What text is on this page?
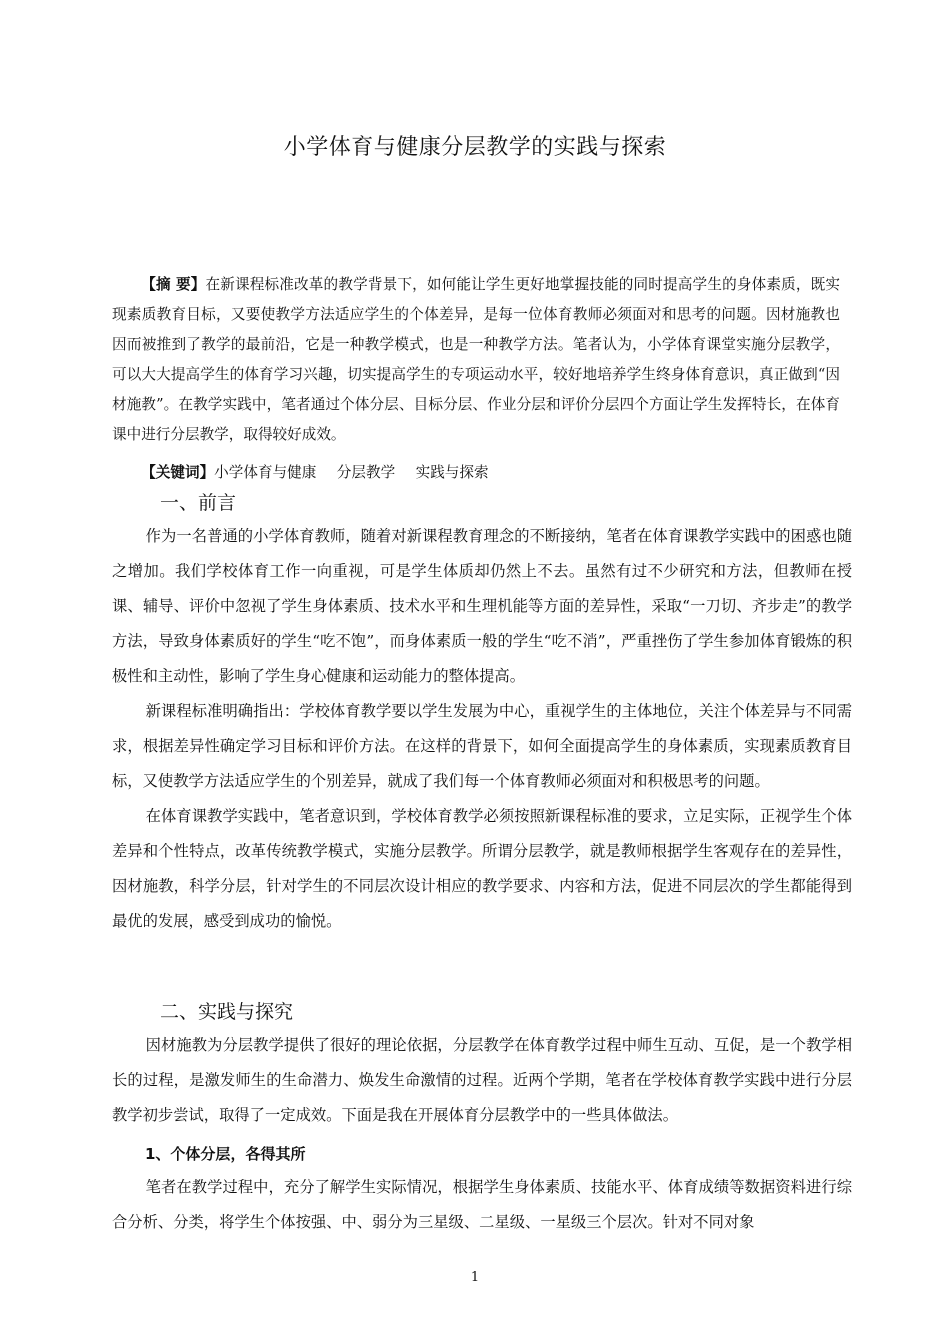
小学体育与健康分层教学的实践与探索
【摘 要】在新课程标准改革的教学背景下，如何能让学生更好地掌握技能的同时提高学生的身体素质，既实现素质教育目标，又要使教学方法适应学生的个体差异，是每一位体育教师必须面对和思考的问题。因材施教也因而被推到了教学的最前沿，它是一种教学模式，也是一种教学方法。笔者认为，小学体育课堂实施分层教学，可以大大提高学生的体育学习兴趣，切实提高学生的专项运动水平，较好地培养学生终身体育意识，真正做到“因材施教”。在教学实践中，笔者通过个体分层、目标分层、作业分层和评价分层四个方面让学生发挥特长，在体育课中进行分层教学，取得较好成效。
【关键词】小学体育与健康 分层教学 实践与探索
一、前言

作为一名普通的小学体育教师，随着对新课程教育理念的不断接纳，笔者在体育课教学实践中的困惑也随之增加。我们学校体育工作一向重视，可是学生体质却仍然上不去。虽然有过不少研究和方法，但教师在授课、辅导、评价中忽视了学生身体素质、技术水平和生理机能等方面的差异性，采取“一刀切、齐步走”的教学方法，导致身体素质好的学生“吃不饱”，而身体素质一般的学生“吃不消”，严重挫伤了学生参加体育锻炼的积极性和主动性，影响了学生身心健康和运动能力的整体提高。

新课程标准明确指出：学校体育教学要以学生发展为中心，重视学生的主体地位，关注个体差异与不同需求，根据差异性确定学习目标和评价方法。在这样的背景下，如何全面提高学生的身体素质，实现素质教育目标，又使教学方法适应学生的个别差异，就成了我们每一个体育教师必须面对和积极思考的问题。

在体育课教学实践中，笔者意识到，学校体育教学必须按照新课程标准的要求，立足实际，正视学生个体差异和个性特点，改革传统教学模式，实施分层教学。所谓分层教学，就是教师根据学生客观存在的差异性，因材施教，科学分层，针对学生的不同层次设计相应的教学要求、内容和方法，促进不同层次的学生都能得到最优的发展，感受到成功的愉悦。

二、实践与探究

因材施教为分层教学提供了很好的理论依据，分层教学在体育教学过程中师生互动、互促，是一个教学相长的过程，是激发师生的生命潜力、焕发生命激情的过程。近两个学期，笔者在学校体育教学实践中进行分层教学初步尝试，取得了一定成效。下面是我在开展体育分层教学中的一些具体做法。

1、个体分层，各得其所

笔者在教学过程中，充分了解学生实际情况，根据学生身体素质、技能水平、体育成绩等数据资料进行综合分析、分类，将学生个体按强、中、弱分为三星级、二星级、一星级三个层次。针对不同对象

1
